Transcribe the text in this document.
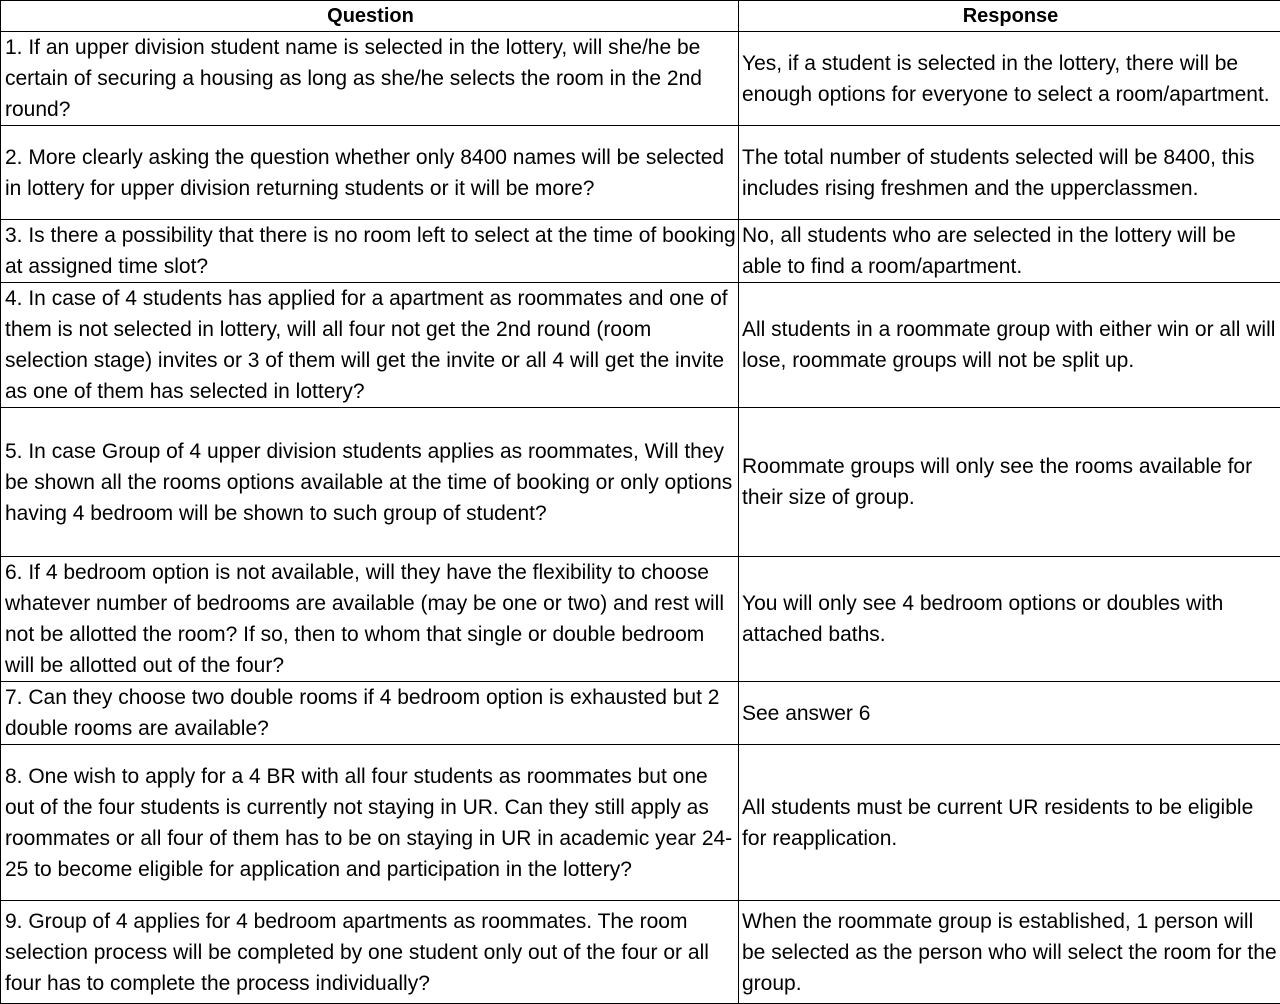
Question	Response
1. If an upper division student name is selected in the lottery, will she/he be certain of securing a housing as long as she/he selects the room in the 2nd round?	Yes, if a student is selected in the lottery, there will be enough options for everyone to select a room/apartment.
2. More clearly asking the question whether only 8400 names will be selected in lottery for upper division returning students or it will be more?	The total number of students selected will be 8400, this includes rising freshmen and the upperclassmen.
3. Is there a possibility that there is no room left to select at the time of booking at assigned time slot?	No, all students who are selected in the lottery will be able to find a room/apartment.
4. In case of 4 students has applied for a apartment as roommates and one of them is not selected in lottery, will all four not get the 2nd round (room selection stage) invites or 3 of them will get the invite or all 4 will get the invite as one of them has selected in lottery?	All students in a roommate group with either win or all will lose, roommate groups will not be split up.
5. In case Group of 4 upper division students applies as roommates, Will they be shown all the rooms options available at the time of booking or only options having 4 bedroom will be shown to such group of student?	Roommate groups will only see the rooms available for their size of group.
6. If 4 bedroom option is not available, will they have the flexibility to choose whatever number of bedrooms are available (may be one or two) and rest will not be allotted the room? If so, then to whom that single or double bedroom will be allotted out of the four?	You will only see 4 bedroom options or doubles with attached baths.
7. Can they choose two double rooms if 4 bedroom option is exhausted but 2 double rooms are available?	See answer 6
8. One wish to apply for a 4 BR with all four students as roommates but one out of the four students is currently not staying in UR. Can they still apply as roommates or all four of them has to be on staying in UR in academic year 24-25 to become eligible for application and participation in the lottery?	All students must be current UR residents to be eligible for reapplication.
9. Group of 4 applies for 4 bedroom apartments as roommates. The room selection process will be completed by one student only out of the four or all four has to complete the process individually?	When the roommate group is established, 1 person will be selected as the person who will select the room for the group.
